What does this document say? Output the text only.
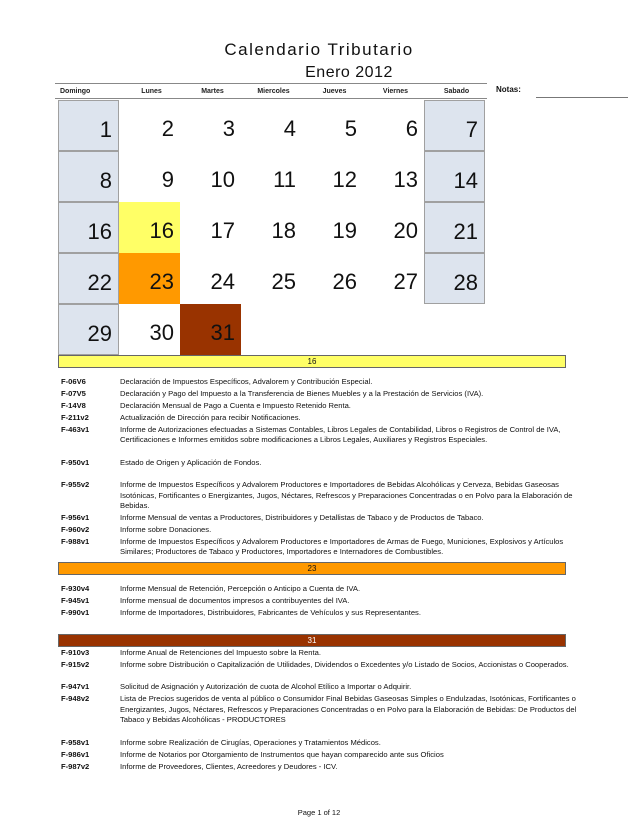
Calendario Tributario
Enero 2012
Domingo	Lunes	Martes	Miercoles	Jueves	Viernes	Sabado	Notas:
1	2	3	4	5	6	7
8	9	10	11	12	13	14
16	16	17	18	19	20	21
22	23	24	25	26	27	28
29	30	31
16
F-06V6	Declaración de Impuestos Específicos, Advalorem y Contribución Especial.
F-07V5	Declaración y Pago del Impuesto a la Transferencia de Bienes Muebles y a la Prestación de Servicios (IVA).
F-14V8	Declaración Mensual de Pago a Cuenta e Impuesto Retenido Renta.
F-211v2	Actualización de Dirección para recibir Notificaciones.
F-463v1	Informe de Autorizaciones efectuadas a Sistemas Contables, Libros Legales de Contabilidad, Libros o Registros de Control de IVA, Certificaciones e Informes emitidos sobre modificaciones a Libros Legales, Auxiliares y Registros Especiales.
F-950v1	Estado de Origen y Aplicación de Fondos.
F-955v2	Informe de Impuestos Específicos y Advalorem Productores e Importadores de Bebidas Alcohólicas y Cerveza, Bebidas Gaseosas Isotónicas, Fortificantes o Energizantes, Jugos, Néctares, Refrescos y Preparaciones Concentradas o en Polvo para la Elaboración de Bebidas.
F-956v1	Informe Mensual de ventas a Productores, Distribuidores y Detallistas de Tabaco y de Productos de Tabaco.
F-960v2	Informe sobre Donaciones.
F-988v1	Informe de Impuestos Específicos y Advalorem Productores e Importadores de Armas de Fuego, Municiones, Explosivos y Artículos Similares; Productores de Tabaco y Productores, Importadores e Internadores de Combustibles.
23
F-930v4	Informe Mensual de Retención, Percepción o Anticipo a Cuenta de IVA.
F-945v1	Informe mensual de documentos impresos a contribuyentes del IVA.
F-990v1	Informe de Importadores, Distribuidores, Fabricantes de Vehículos y sus Representantes.
31
F-910v3	Informe Anual de Retenciones del Impuesto sobre la Renta.
F-915v2	Informe sobre Distribución o Capitalización de Utilidades, Dividendos o Excedentes y/o Listado de Socios, Accionistas o Cooperados.
F-947v1	Solicitud de Asignación y Autorización de cuota de Alcohol Etílico a Importar o Adquirir.
F-948v2	Lista de Precios sugeridos de venta al público o Consumidor Final Bebidas Gaseosas Simples o Endulzadas, Isotónicas, Fortificantes o Energizantes, Jugos, Néctares, Refrescos y Preparaciones Concentradas o en Polvo para la Elaboración de Bebidas: De Productos del Tabaco y Bebidas Alcohólicas - PRODUCTORES
F-958v1	Informe sobre Realización de Cirugías, Operaciones y Tratamientos Médicos.
F-986v1	Informe de Notarios por Otorgamiento de Instrumentos que hayan comparecido ante sus Oficios
F-987v2	Informe de Proveedores, Clientes, Acreedores y Deudores - ICV.
Page 1 of 12
